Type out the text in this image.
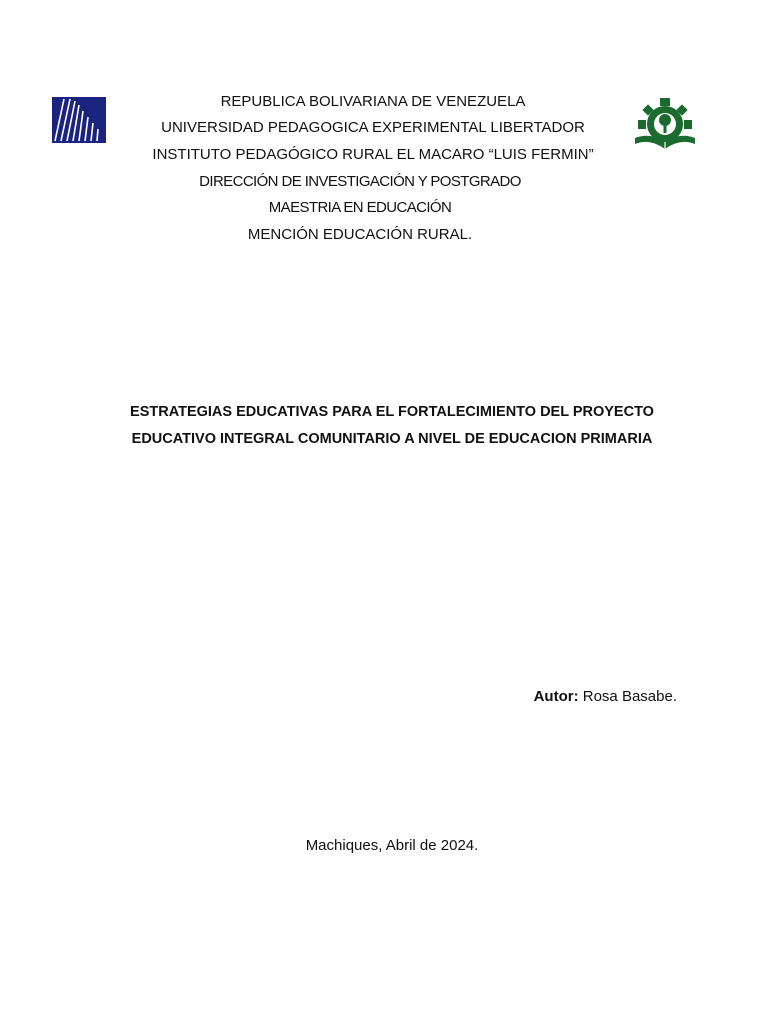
REPUBLICA BOLIVARIANA DE VENEZUELA
UNIVERSIDAD PEDAGOGICA EXPERIMENTAL LIBERTADOR
INSTITUTO PEDAGÓGICO RURAL EL MACARO “LUIS FERMIN”
DIRECCIÓN DE INVESTIGACIÓN Y POSTGRADO
MAESTRIA EN EDUCACIÓN
MENCIÓN EDUCACIÓN RURAL.
ESTRATEGIAS EDUCATIVAS PARA EL FORTALECIMIENTO DEL PROYECTO
EDUCATIVO INTEGRAL COMUNITARIO A NIVEL DE EDUCACION PRIMARIA
Autor: Rosa Basabe.
Machiques, Abril de 2024.
